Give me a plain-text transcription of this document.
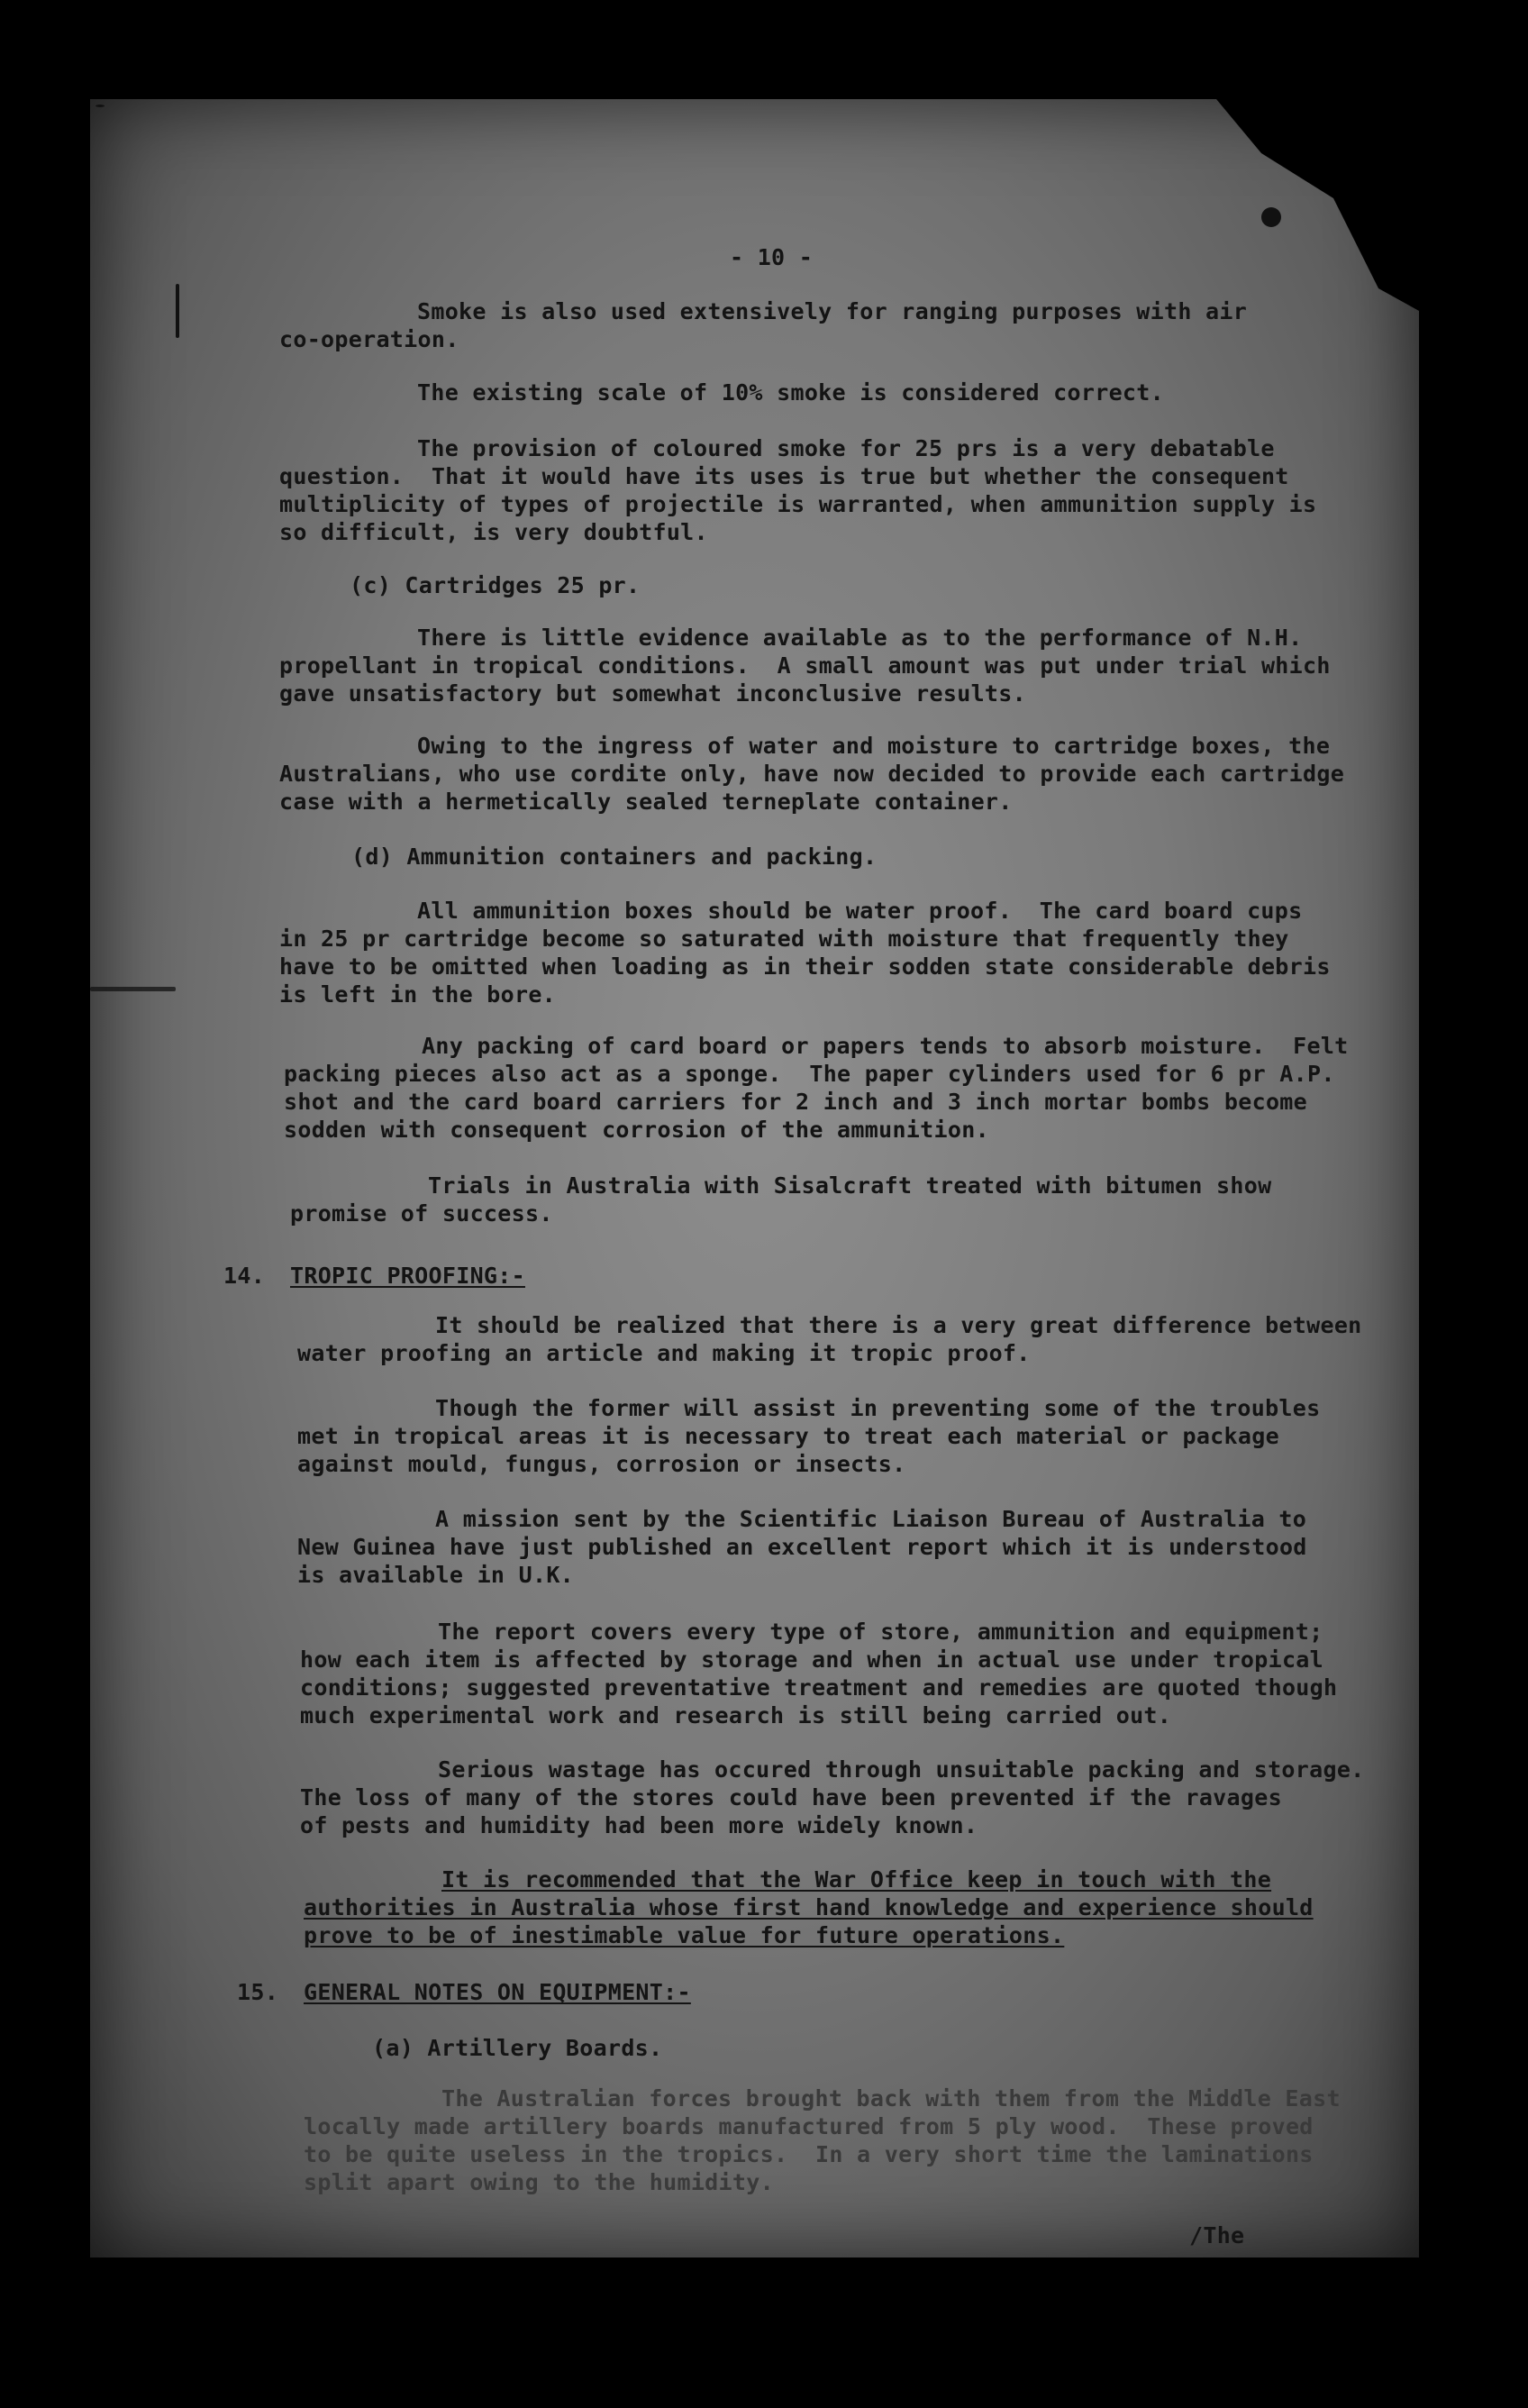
- 10 -
Smoke is also used extensively for ranging purposes with air
co-operation.
The existing scale of 10% smoke is considered correct.
The provision of coloured smoke for 25 prs is a very debatable
question.  That it would have its uses is true but whether the consequent
multiplicity of types of projectile is warranted, when ammunition supply is
so difficult, is very doubtful.
(c) Cartridges 25 pr.
There is little evidence available as to the performance of N.H.
propellant in tropical conditions.  A small amount was put under trial which
gave unsatisfactory but somewhat inconclusive results.
Owing to the ingress of water and moisture to cartridge boxes, the
Australians, who use cordite only, have now decided to provide each cartridge
case with a hermetically sealed terneplate container.
(d) Ammunition containers and packing.
All ammunition boxes should be water proof.  The card board cups
in 25 pr cartridge become so saturated with moisture that frequently they
have to be omitted when loading as in their sodden state considerable debris
is left in the bore.
Any packing of card board or papers tends to absorb moisture.  Felt
packing pieces also act as a sponge.  The paper cylinders used for 6 pr A.P.
shot and the card board carriers for 2 inch and 3 inch mortar bombs become
sodden with consequent corrosion of the ammunition.
Trials in Australia with Sisalcraft treated with bitumen show
promise of success.
14. TROPIC PROOFING:-
It should be realized that there is a very great difference between
water proofing an article and making it tropic proof.
Though the former will assist in preventing some of the troubles
met in tropical areas it is necessary to treat each material or package
against mould, fungus, corrosion or insects.
A mission sent by the Scientific Liaison Bureau of Australia to
New Guinea have just published an excellent report which it is understood
is available in U.K.
The report covers every type of store, ammunition and equipment;
how each item is affected by storage and when in actual use under tropical
conditions; suggested preventative treatment and remedies are quoted though
much experimental work and research is still being carried out.
Serious wastage has occured through unsuitable packing and storage.
The loss of many of the stores could have been prevented if the ravages
of pests and humidity had been more widely known.
It is recommended that the War Office keep in touch with the
authorities in Australia whose first hand knowledge and experience should
prove to be of inestimable value for future operations.
15. GENERAL NOTES ON EQUIPMENT:-
(a) Artillery Boards.
The Australian forces brought back with them from the Middle East
locally made artillery boards manufactured from 5 ply wood.  These proved
to be quite useless in the tropics.  In a very short time the laminations
split apart owing to the humidity.
/The
